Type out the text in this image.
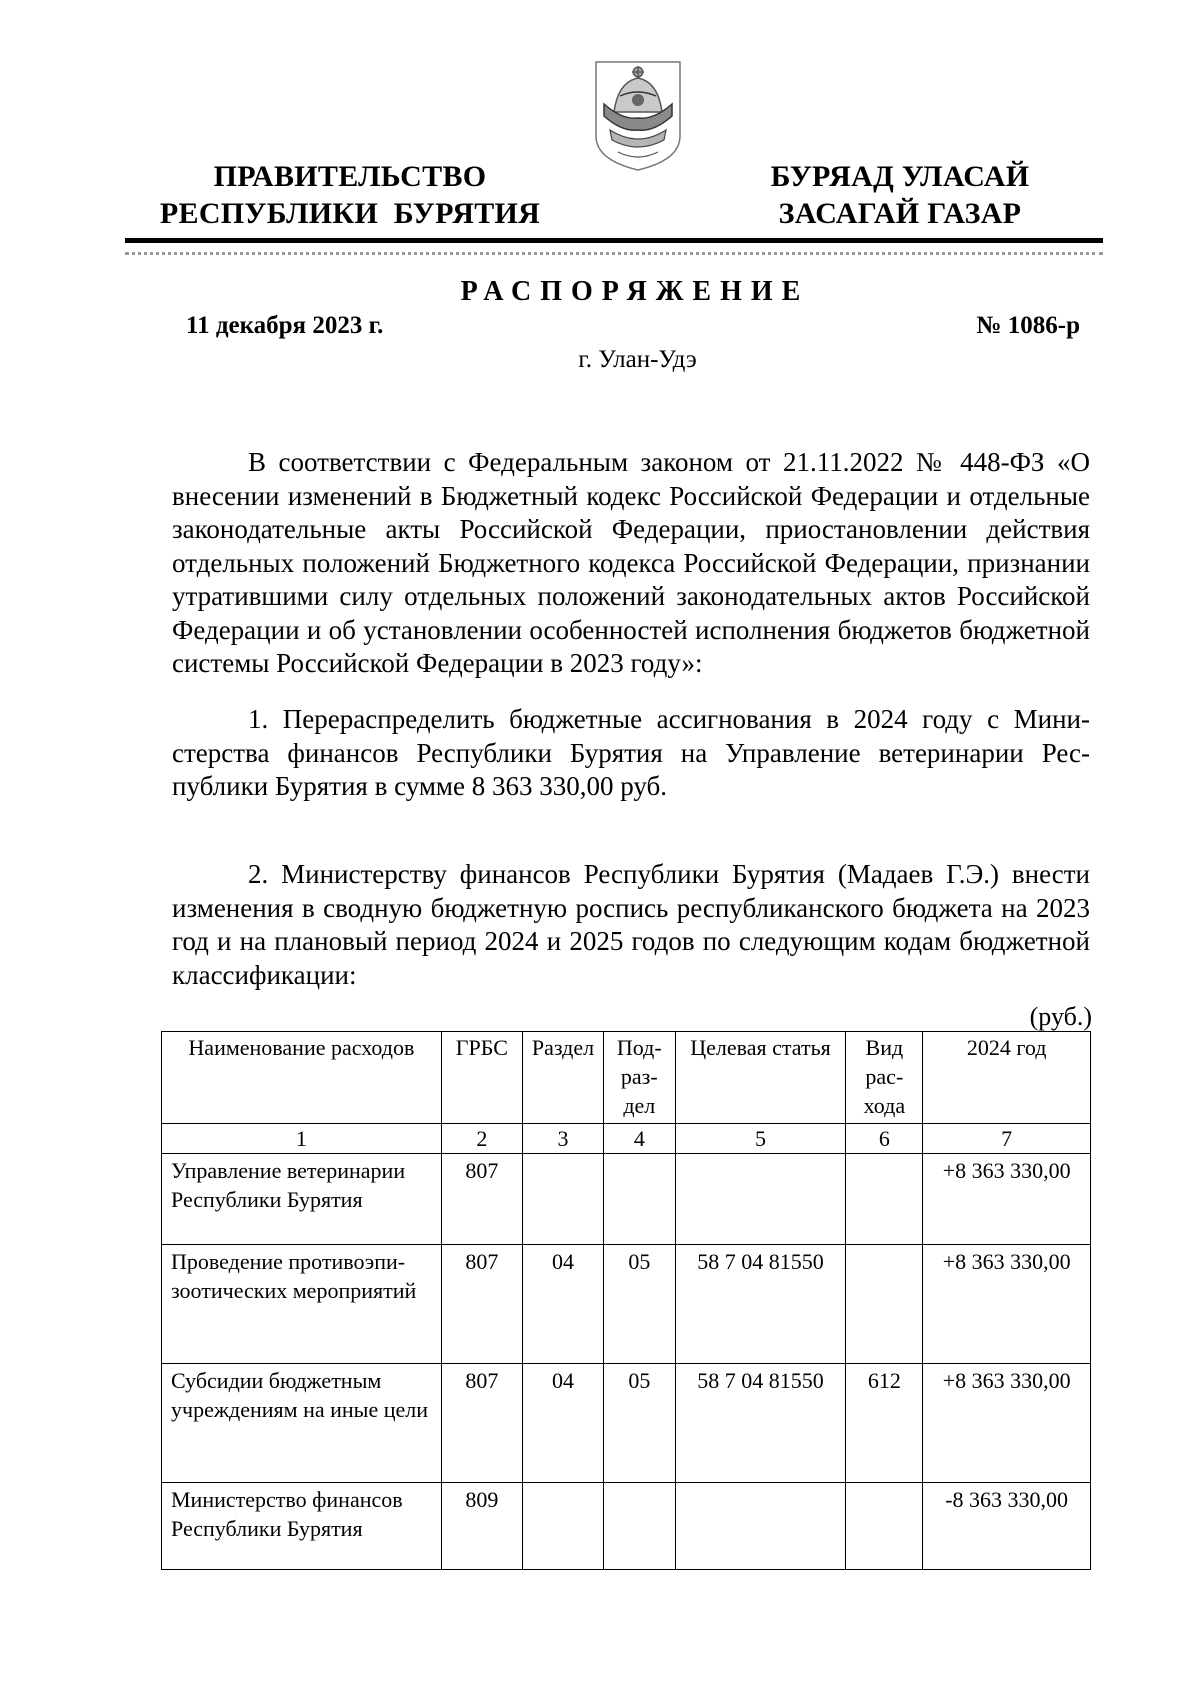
ПРАВИТЕЛЬСТВО
РЕСПУБЛИКИ  БУРЯТИЯ
БУРЯАД УЛАСАЙ
ЗАСАГАЙ ГАЗАР
РАСПОРЯЖЕНИЕ
11 декабря 2023 г.	№ 1086-р
г. Улан-Удэ
В соответствии с Федеральным законом от 21.11.2022 № 448-ФЗ «О внесении изменений в Бюджетный кодекс Российской Федерации и отдельные законодательные акты Российской Федерации, приостановлении действия отдельных положений Бюджетного кодекса Российской Федерации, признании утратившими силу отдельных положений законодательных актов Российской Федерации и об установлении особенностей исполнения бюджетов бюджетной системы Российской Федерации в 2023 году»:
1. Перераспределить бюджетные ассигнования в 2024 году с Министерства финансов Республики Бурятия на Управление ветеринарии Республики Бурятия в сумме 8 363 330,00 руб.
2. Министерству финансов Республики Бурятия (Мадаев Г.Э.) внести изменения в сводную бюджетную роспись республиканского бюджета на 2023 год и на плановый период 2024 и 2025 годов по следующим кодам бюджетной классификации:
(руб.)
Наименование расходов	ГРБС	Раздел	Подраздел	Целевая статья	Вид расхода	2024 год
1	2	3	4	5	6	7
Управление ветеринарии Республики Бурятия	807					+8 363 330,00
Проведение противоэпизоотических мероприятий	807	04	05	58 7 04 81550		+8 363 330,00
Субсидии бюджетным учреждениям на иные цели	807	04	05	58 7 04 81550	612	+8 363 330,00
Министерство финансов Республики Бурятия	809					-8 363 330,00
